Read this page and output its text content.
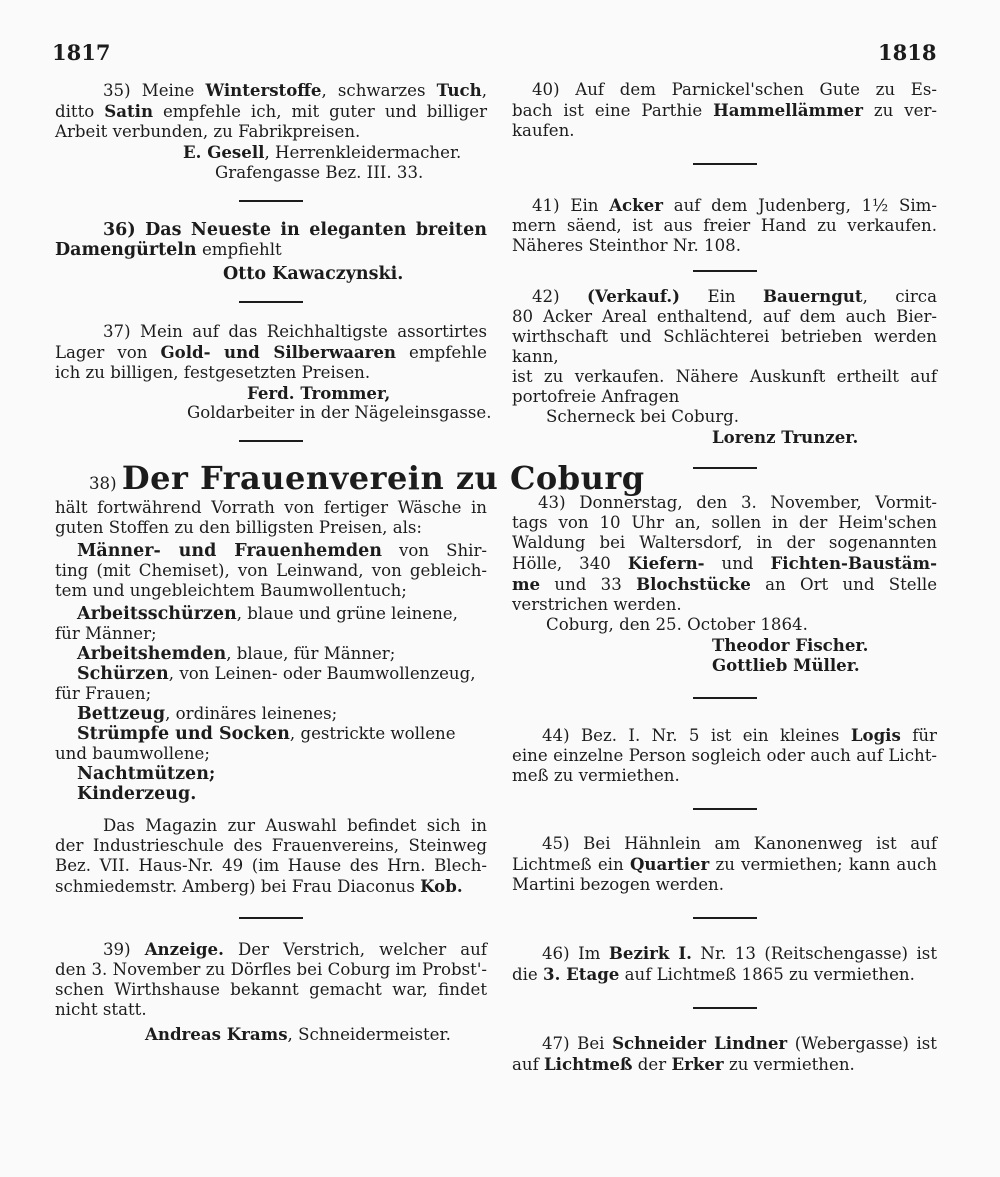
1817	1818
35) Meine Winterstoffe, schwarzes Tuch,
ditto Satin empfehle ich, mit guter und billiger
Arbeit verbunden, zu Fabrikpreisen.
E. Gesell, Herrenkleidermacher.
Grafengasse Bez. III. 33.
36) Das Neueste in eleganten breiten
Damengürteln empfiehlt
Otto Kawaczynski.
37) Mein auf das Reichhaltigste assortirtes
Lager von Gold- und Silberwaaren empfehle
ich zu billigen, festgesetzten Preisen.
Ferd. Trommer,
Goldarbeiter in der Nägeleinsgasse.
38) Der Frauenverein zu Coburg
hält fortwährend Vorrath von fertiger Wäsche in
guten Stoffen zu den billigsten Preisen, als:
Männer- und Frauenhemden von Shir-
ting (mit Chemiset), von Leinwand, von gebleich-
tem und ungebleichtem Baumwollentuch;
Arbeitsschürzen, blaue und grüne leinene,
für Männer;
Arbeitshemden, blaue, für Männer;
Schürzen, von Leinen- oder Baumwollenzeug,
für Frauen;
Bettzeug, ordinäres leinenes;
Strümpfe und Socken, gestrickte wollene
und baumwollene;
Nachtmützen;
Kinderzeug.
Das Magazin zur Auswahl befindet sich in
der Industrieschule des Frauenvereins, Steinweg
Bez. VII. Haus-Nr. 49 (im Hause des Hrn. Blech-
schmiedemstr. Amberg) bei Frau Diaconus Kob.
39) Anzeige. Der Verstrich, welcher auf
den 3. November zu Dörfles bei Coburg im Probst'-
schen Wirthshause bekannt gemacht war, findet
nicht statt.
Andreas Krams, Schneidermeister.
40) Auf dem Parnickel'schen Gute zu Es-
bach ist eine Parthie Hammellämmer zu ver-
kaufen.
41) Ein Acker auf dem Judenberg, 1½ Sim-
mern säend, ist aus freier Hand zu verkaufen.
Näheres Steinthor Nr. 108.
42) (Verkauf.) Ein Bauerngut, circa
80 Acker Areal enthaltend, auf dem auch Bier-
wirthschaft und Schlächterei betrieben werden kann,
ist zu verkaufen. Nähere Auskunft ertheilt auf
portofreie Anfragen
Scherneck bei Coburg.
Lorenz Trunzer.
43) Donnerstag, den 3. November, Vormit-
tags von 10 Uhr an, sollen in der Heim'schen
Waldung bei Waltersdorf, in der sogenannten
Hölle, 340 Kiefern- und Fichten-Baustäm-
me und 33 Blochstücke an Ort und Stelle
verstrichen werden.
Coburg, den 25. October 1864.
Theodor Fischer.
Gottlieb Müller.
44) Bez. I. Nr. 5 ist ein kleines Logis für
eine einzelne Person sogleich oder auch auf Licht-
meß zu vermiethen.
45) Bei Hähnlein am Kanonenweg ist auf
Lichtmeß ein Quartier zu vermiethen; kann auch
Martini bezogen werden.
46) Im Bezirk I. Nr. 13 (Reitschengasse) ist
die 3. Etage auf Lichtmeß 1865 zu vermiethen.
47) Bei Schneider Lindner (Webergasse) ist
auf Lichtmeß der Erker zu vermiethen.
